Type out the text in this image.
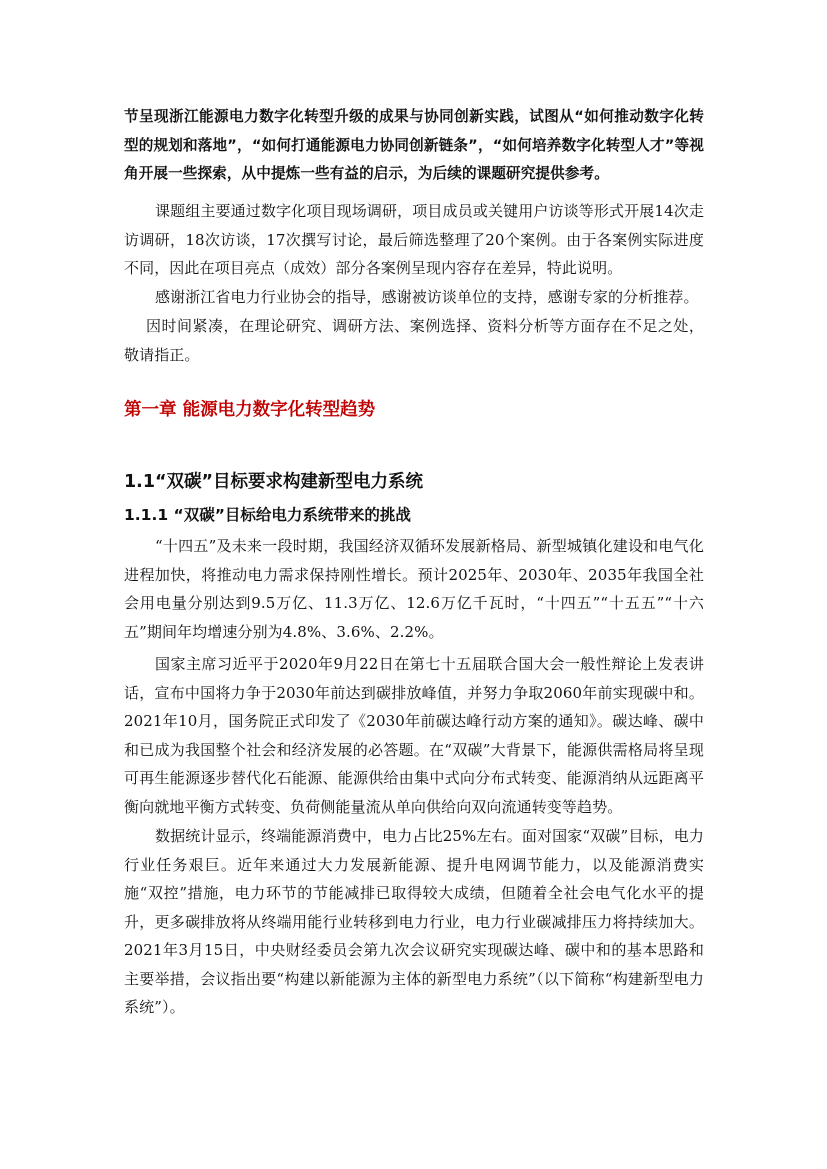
节呈现浙江能源电力数字化转型升级的成果与协同创新实践，试图从“如何推动数字化转型的规划和落地”，“如何打通能源电力协同创新链条”，“如何培养数字化转型人才”等视角开展一些探索，从中提炼一些有益的启示，为后续的课题研究提供参考。

课题组主要通过数字化项目现场调研，项目成员或关键用户访谈等形式开展14次走访调研，18次访谈，17次撰写讨论，最后筛选整理了20个案例。由于各案例实际进度不同，因此在项目亮点（成效）部分各案例呈现内容存在差异，特此说明。

感谢浙江省电力行业协会的指导，感谢被访谈单位的支持，感谢专家的分析推荐。

因时间紧凑，在理论研究、调研方法、案例选择、资料分析等方面存在不足之处，敬请指正。

第一章 能源电力数字化转型趋势
1.1“双碳”目标要求构建新型电力系统
1.1.1 “双碳”目标给电力系统带来的挑战

“十四五”及未来一段时期，我国经济双循环发展新格局、新型城镇化建设和电气化进程加快，将推动电力需求保持刚性增长。预计2025年、2030年、2035年我国全社会用电量分别达到9.5万亿、11.3万亿、12.6万亿千瓦时，“十四五”“十五五”“十六五”期间年均增速分别为4.8%、3.6%、2.2%。

国家主席习近平于2020年9月22日在第七十五届联合国大会一般性辩论上发表讲话，宣布中国将力争于2030年前达到碳排放峰值，并努力争取2060年前实现碳中和。2021年10月，国务院正式印发了《2030年前碳达峰行动方案的通知》。碳达峰、碳中和已成为我国整个社会和经济发展的必答题。在“双碳”大背景下，能源供需格局将呈现可再生能源逐步替代化石能源、能源供给由集中式向分布式转变、能源消纳从远距离平衡向就地平衡方式转变、负荷侧能量流从单向供给向双向流通转变等趋势。

数据统计显示，终端能源消费中，电力占比25%左右。面对国家“双碳”目标，电力行业任务艰巨。近年来通过大力发展新能源、提升电网调节能力，以及能源消费实施“双控”措施，电力环节的节能减排已取得较大成绩，但随着全社会电气化水平的提升，更多碳排放将从终端用能行业转移到电力行业，电力行业碳减排压力将持续加大。2021年3月15日，中央财经委员会第九次会议研究实现碳达峰、碳中和的基本思路和主要举措，会议指出要“构建以新能源为主体的新型电力系统”（以下简称“构建新型电力系统”）。
